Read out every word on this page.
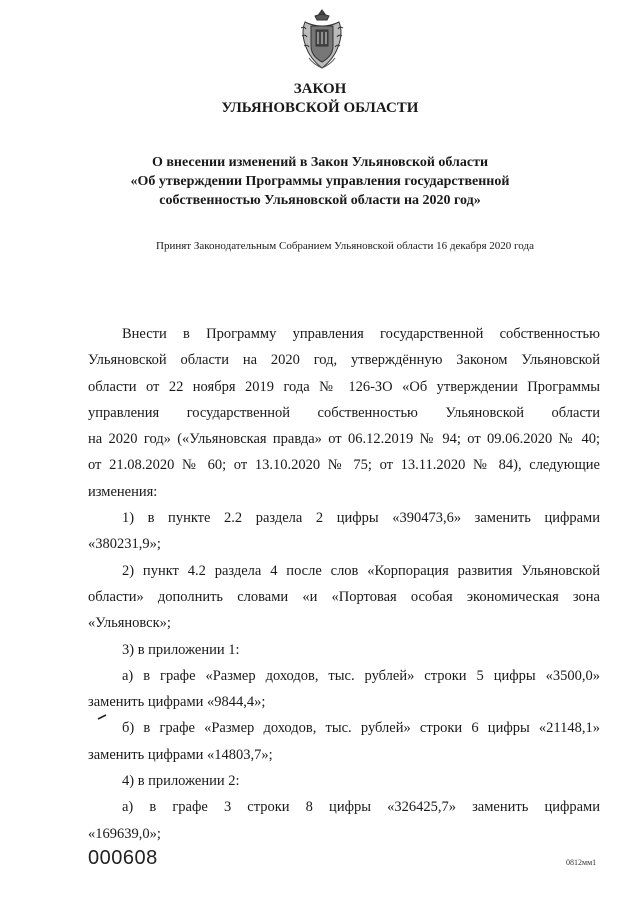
ЗАКОН
УЛЬЯНОВСКОЙ ОБЛАСТИ
О внесении изменений в Закон Ульяновской области
«Об утверждении Программы управления государственной
собственностью Ульяновской области на 2020 год»
Принят Законодательным Собранием Ульяновской области 16 декабря 2020 года
Внести в Программу управления государственной собственностью
Ульяновской области на 2020 год, утверждённую Законом Ульяновской
области от 22 ноября 2019 года № 126-ЗО «Об утверждении Программы
управления государственной собственностью Ульяновской области
на 2020 год» («Ульяновская правда» от 06.12.2019 № 94; от 09.06.2020 № 40;
от 21.08.2020 № 60; от 13.10.2020 № 75; от 13.11.2020 № 84), следующие
изменения:
1) в пункте 2.2 раздела 2 цифры «390473,6» заменить цифрами
«380231,9»;
2) пункт 4.2 раздела 4 после слов «Корпорация развития Ульяновской
области» дополнить словами «и «Портовая особая экономическая зона
«Ульяновск»;
3) в приложении 1:
а) в графе «Размер доходов, тыс. рублей» строки 5 цифры «3500,0»
заменить цифрами «9844,4»;
б) в графе «Размер доходов, тыс. рублей» строки 6 цифры «21148,1»
заменить цифрами «14803,7»;
4) в приложении 2:
а) в графе 3 строки 8 цифры «326425,7» заменить цифрами
«169639,0»;
000608	0812мм1
